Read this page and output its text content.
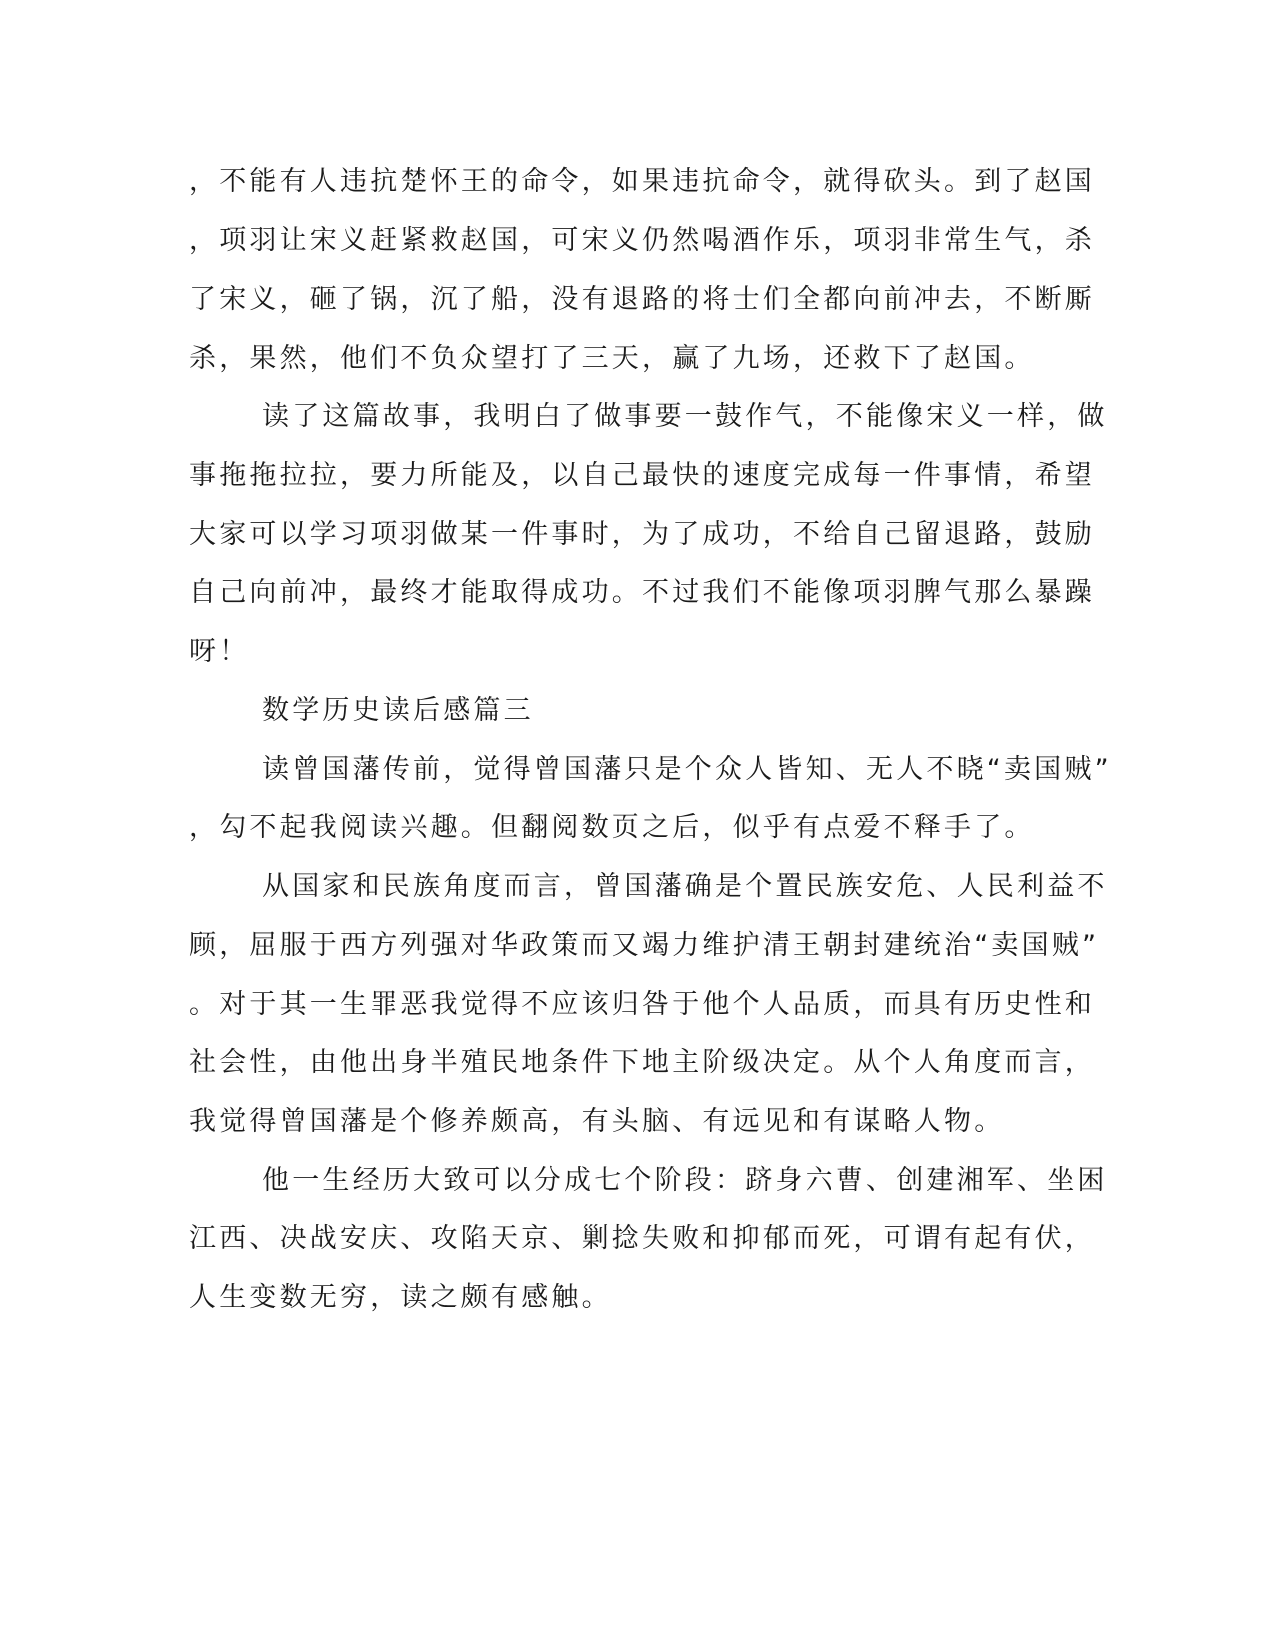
，不能有人违抗楚怀王的命令，如果违抗命令，就得砍头。到了赵国

，项羽让宋义赶紧救赵国，可宋义仍然喝酒作乐，项羽非常生气，杀

了宋义，砸了锅，沉了船，没有退路的将士们全都向前冲去，不断厮

杀，果然，他们不负众望打了三天，赢了九场，还救下了赵国。

读了这篇故事，我明白了做事要一鼓作气，不能像宋义一样，做

事拖拖拉拉，要力所能及，以自己最快的速度完成每一件事情，希望

大家可以学习项羽做某一件事时，为了成功，不给自己留退路，鼓励

自己向前冲，最终才能取得成功。不过我们不能像项羽脾气那么暴躁

呀！

数学历史读后感篇三

读曾国藩传前，觉得曾国藩只是个众人皆知、无人不晓“卖国贼”

，勾不起我阅读兴趣。但翻阅数页之后，似乎有点爱不释手了。

从国家和民族角度而言，曾国藩确是个置民族安危、人民利益不

顾，屈服于西方列强对华政策而又竭力维护清王朝封建统治“卖国贼”

。对于其一生罪恶我觉得不应该归咎于他个人品质，而具有历史性和

社会性，由他出身半殖民地条件下地主阶级决定。从个人角度而言，

我觉得曾国藩是个修养颇高，有头脑、有远见和有谋略人物。

他一生经历大致可以分成七个阶段：跻身六曹、创建湘军、坐困

江西、决战安庆、攻陷天京、剿捻失败和抑郁而死，可谓有起有伏，

人生变数无穷，读之颇有感触。
